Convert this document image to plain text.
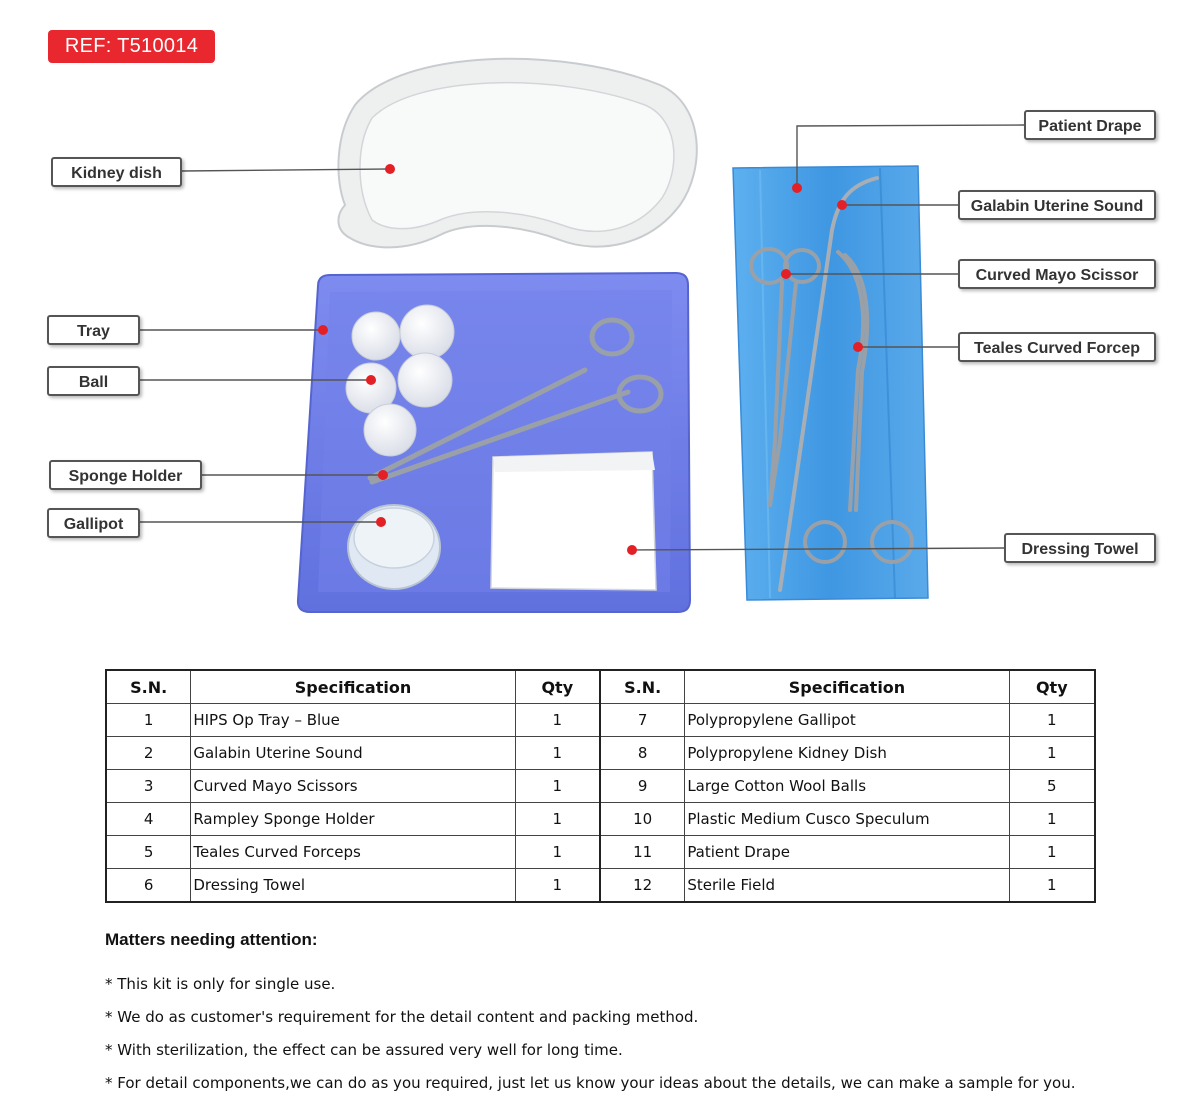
REF: T510014
Kidney dish
Tray
Ball
Sponge Holder
Gallipot
Patient Drape
Galabin Uterine Sound
Curved Mayo Scissor
Teales Curved Forcep
Dressing Towel
S.N.	Specification	Qty	S.N.	Specification	Qty
1	HIPS Op Tray – Blue	1	7	Polypropylene Gallipot	1
2	Galabin Uterine Sound	1	8	Polypropylene Kidney Dish	1
3	Curved Mayo Scissors	1	9	Large Cotton Wool Balls	5
4	Rampley Sponge Holder	1	10	Plastic Medium Cusco Speculum	1
5	Teales Curved Forceps	1	11	Patient Drape	1
6	Dressing Towel	1	12	Sterile Field	1
Matters needing attention:
* This kit is only for single use.
* We do as customer's requirement for the detail content and packing method.
* With sterilization, the effect can be assured very well for long time.
* For detail components,we can do as you required, just let us know your ideas about the details, we can make a sample for you.
